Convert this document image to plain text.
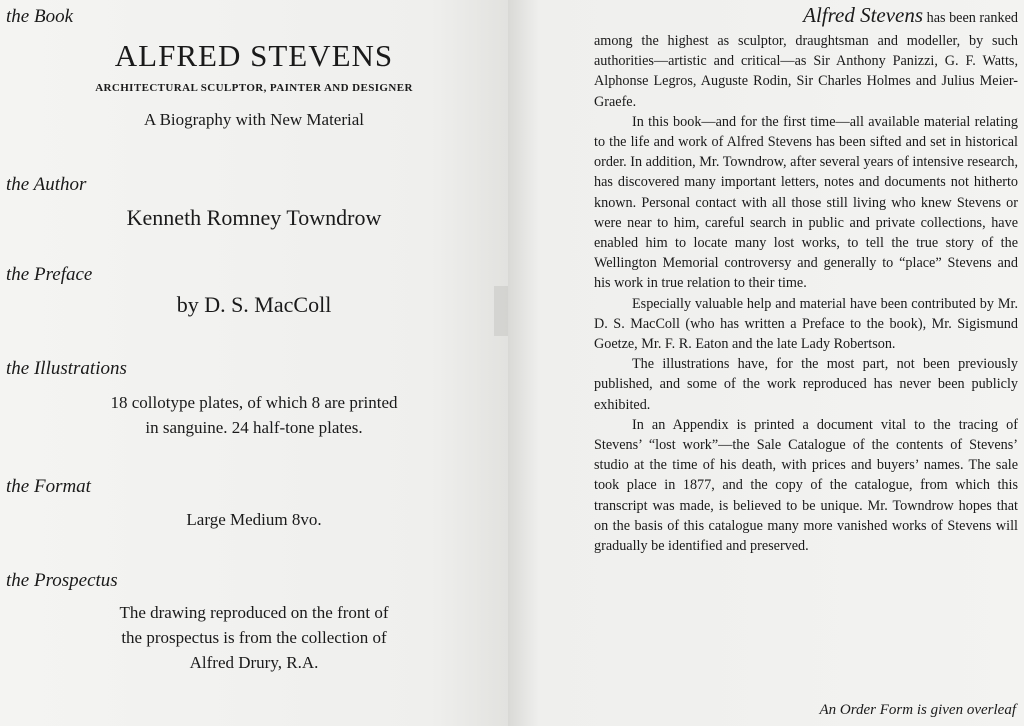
the Book
ALFRED STEVENS
ARCHITECTURAL SCULPTOR, PAINTER AND DESIGNER
A Biography with New Material
the Author
Kenneth Romney Towndrow
the Preface
by D. S. MacColl
the Illustrations
18 collotype plates, of which 8 are printed
in sanguine. 24 half-tone plates.
the Format
Large Medium 8vo.
the Prospectus
The drawing reproduced on the front of
the prospectus is from the collection of
Alfred Drury, R.A.

Alfred Stevens has been ranked

among the highest as sculptor, draughtsman and modeller, by such authorities—artistic and critical—as Sir Anthony Panizzi, G. F. Watts, Alphonse Legros, Auguste Rodin, Sir Charles Holmes and Julius Meier-Graefe.

In this book—and for the first time—all available material relating to the life and work of Alfred Stevens has been sifted and set in historical order. In addition, Mr. Towndrow, after several years of intensive research, has discovered many important letters, notes and documents not hitherto known. Personal contact with all those still living who knew Stevens or were near to him, careful search in public and private collections, have enabled him to locate many lost works, to tell the true story of the Wellington Memorial controversy and generally to “place” Stevens and his work in true relation to their time.

Especially valuable help and material have been contributed by Mr. D. S. MacColl (who has written a Preface to the book), Mr. Sigismund Goetze, Mr. F. R. Eaton and the late Lady Robertson.

The illustrations have, for the most part, not been previously published, and some of the work reproduced has never been publicly exhibited.

In an Appendix is printed a document vital to the tracing of Stevens’ “lost work”—the Sale Catalogue of the contents of Stevens’ studio at the time of his death, with prices and buyers’ names. The sale took place in 1877, and the copy of the catalogue, from which this transcript was made, is believed to be unique. Mr. Towndrow hopes that on the basis of this catalogue many more vanished works of Stevens will gradually be identified and preserved.

An Order Form is given overleaf
